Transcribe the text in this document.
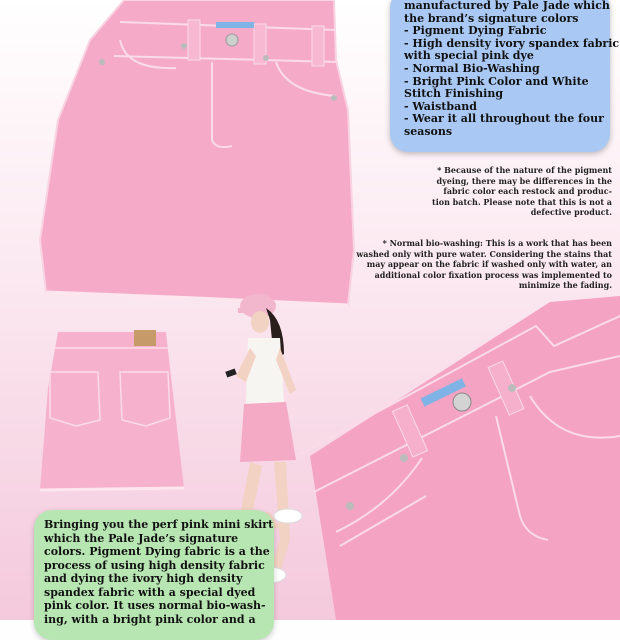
manufactured by Pale Jade which
the brand’s signature colors
- Pigment Dying Fabric
- High density ivory spandex fabric
with special pink dye
- Normal Bio-Washing
- Bright Pink Color and White
Stitch Finishing
- Waistband
- Wear it all throughout the four
seasons
* Because of the nature of the pigment
dyeing, there may be differences in the
fabric color each restock and produc-
tion batch. Please note that this is not a
defective product.
* Normal bio-washing: This is a work that has been
washed only with pure water. Considering the stains that
may appear on the fabric if washed only with water, an
additional color fixation process was implemented to
minimize the fading.
Bringing you the perf pink mini skirt
which the Pale Jade’s signature
colors. Pigment Dying fabric is a the
process of using high density fabric
and dying the ivory high density
spandex fabric with a special dyed
pink color. It uses normal bio-wash-
ing, with a bright pink color and a
